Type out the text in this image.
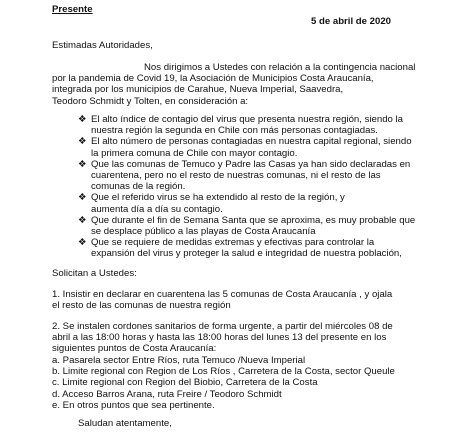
Presente
5 de abril de 2020
Estimadas Autoridades,
Nos dirigimos a Ustedes con relación a la contingencia nacional
por la pandemia de Covid 19, la Asociación de Municipios Costa Araucanía,
integrada por los municipios de Carahue, Nueva Imperial, Saavedra,
Teodoro Schmidt y Tolten, en consideración a:
❖ El alto índice de contagio del virus que presenta nuestra región, siendo la
nuestra región la segunda en Chile con más personas contagiadas.
❖ El alto número de personas contagiadas en nuestra capital regional, siendo
la primera comuna de Chile con mayor contagio.
❖ Que las comunas de Temuco y Padre las Casas ya han sido declaradas en
cuarentena, pero no el resto de nuestras comunas, ni el resto de las
comunas de la región.
❖ Que el referido virus se ha extendido al resto de la región, y
aumenta día a día su contagio.
❖ Que durante el fin de Semana Santa que se aproxima, es muy probable que
se desplace público a las playas de Costa Araucanía
❖ Que se requiere de medidas extremas y efectivas para controlar la
expansión del virus y proteger la salud e integridad de nuestra población,
Solicitan a Ustedes:
1. Insistir en declarar en cuarentena las 5 comunas de Costa Araucanía , y ojala
el resto de las comunas de nuestra región
2. Se instalen cordones sanitarios de forma urgente, a partir del miércoles 08 de
abril a las 18:00 horas y hasta las 18:00 horas del lunes 13 del presente en los
siguientes puntos de Costa Araucanía:
a. Pasarela sector Entre Ríos, ruta Temuco /Nueva Imperial
b. Limite regional con Region de Los Ríos , Carretera de la Costa, sector Queule
c. Limite regional con Region del Biobio, Carretera de la Costa
d. Acceso Barros Arana, ruta Freire / Teodoro Schmidt
e. En otros puntos que sea pertinente.
Saludan atentamente,
